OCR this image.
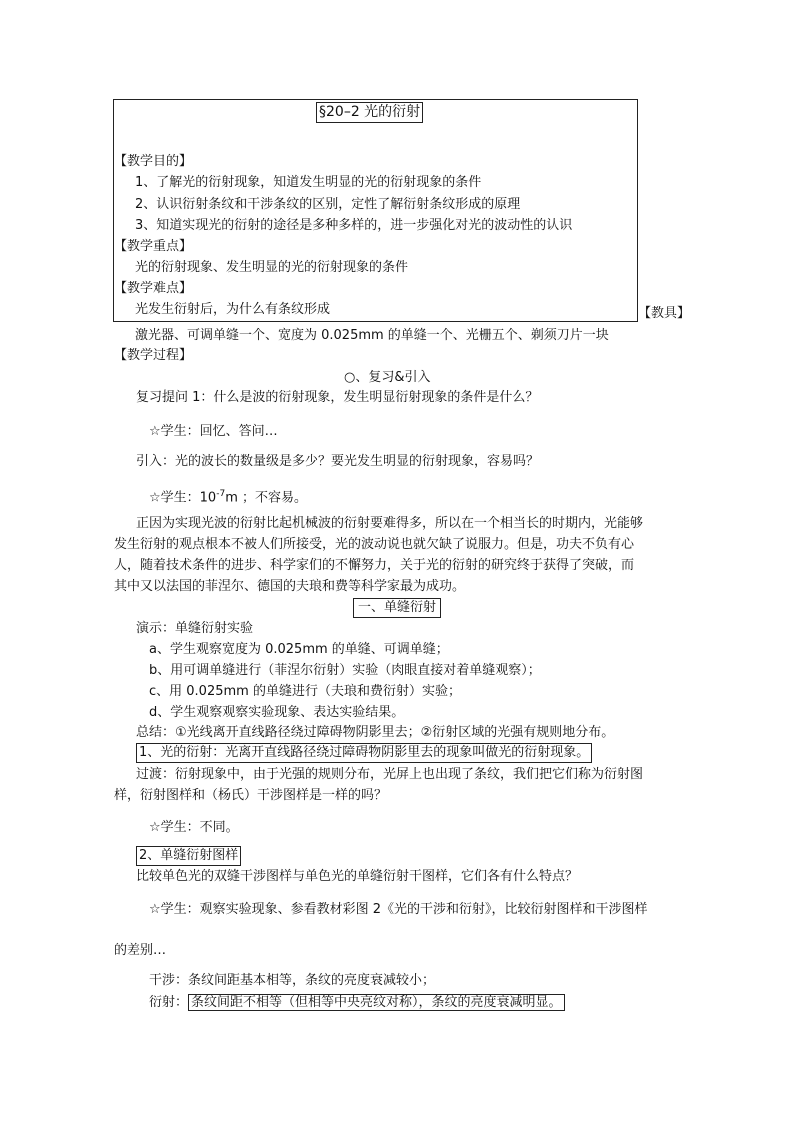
§20–2 光的衍射
【教学目的】
1、了解光的衍射现象，知道发生明显的光的衍射现象的条件
2、认识衍射条纹和干涉条纹的区别，定性了解衍射条纹形成的原理
3、知道实现光的衍射的途径是多种多样的，进一步强化对光的波动性的认识
【教学重点】
光的衍射现象、发生明显的光的衍射现象的条件
【教学难点】
光发生衍射后，为什么有条纹形成	【教具】
激光器、可调单缝一个、宽度为 0.025mm 的单缝一个、光栅五个、剃须刀片一块
【教学过程】
○、复习&引入
复习提问 1：什么是波的衍射现象，发生明显衍射现象的条件是什么？
☆学生：回忆、答问…
引入：光的波长的数量级是多少？要光发生明显的衍射现象，容易吗？
☆学生：$10^{-7}m$ ；不容易。
正因为实现光波的衍射比起机械波的衍射要难得多，所以在一个相当长的时期内，光能够
发生衍射的观点根本不被人们所接受，光的波动说也就欠缺了说服力。但是，功夫不负有心
人，随着技术条件的进步、科学家们的不懈努力，关于光的衍射的研究终于获得了突破，而
其中又以法国的菲涅尔、德国的夫琅和费等科学家最为成功。
一、单缝衍射
演示：单缝衍射实验
a、学生观察宽度为 0.025mm 的单缝、可调单缝；
b、用可调单缝进行（菲涅尔衍射）实验（肉眼直接对着单缝观察）；
c、用 0.025mm 的单缝进行（夫琅和费衍射）实验；
d、学生观察观察实验现象、表达实验结果。
总结：①光线离开直线路径绕过障碍物阴影里去；②衍射区域的光强有规则地分布。
1、光的衍射：光离开直线路径绕过障碍物阴影里去的现象叫做光的衍射现象。
过渡：衍射现象中，由于光强的规则分布，光屏上也出现了条纹，我们把它们称为衍射图
样，衍射图样和（杨氏）干涉图样是一样的吗？
☆学生：不同。
2、单缝衍射图样
比较单色光的双缝干涉图样与单色光的单缝衍射干图样，它们各有什么特点？
☆学生：观察实验现象、参看教材彩图 2《光的干涉和衍射》，比较衍射图样和干涉图样
的差别…
干涉：条纹间距基本相等，条纹的亮度衰减较小；
衍射： 条纹间距不相等（但相等中央亮纹对称），条纹的亮度衰减明显。
